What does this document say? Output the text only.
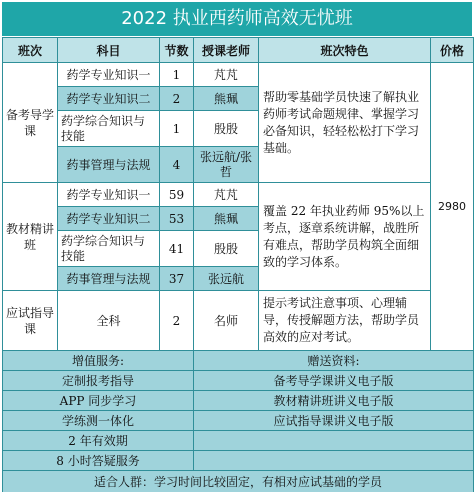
2022 执业西药师高效无忧班
班次	科目	节数	授课老师	班次特色	价格
备考导学课	药学专业知识一	1	芃芃	帮助零基础学员快速了解执业药师考试命题规律、掌握学习必备知识，轻轻松松打下学习基础。	2980
	药学专业知识二	2	熊珮		
	药学综合知识与技能	1	殷殷		
	药事管理与法规	4	张远航/张哲		
教材精讲班	药学专业知识一	59	芃芃	覆盖 22 年执业药师 95%以上考点，逐章系统讲解，战胜所有难点，帮助学员构筑全面细致的学习体系。	
	药学专业知识二	53	熊珮		
	药学综合知识与技能	41	殷殷		
	药事管理与法规	37	张远航		
应试指导课	全科	2	名师	提示考试注意事项、心理辅导，传授解题方法，帮助学员高效的应对考试。	
增值服务:			赠送资料:		
定制报考指导			备考导学课讲义电子版		
APP 同步学习			教材精讲班讲义电子版		
学练测一体化			应试指导课讲义电子版		
2 年有效期					
8 小时答疑服务					
适合人群：学习时间比较固定，有相对应试基础的学员					
